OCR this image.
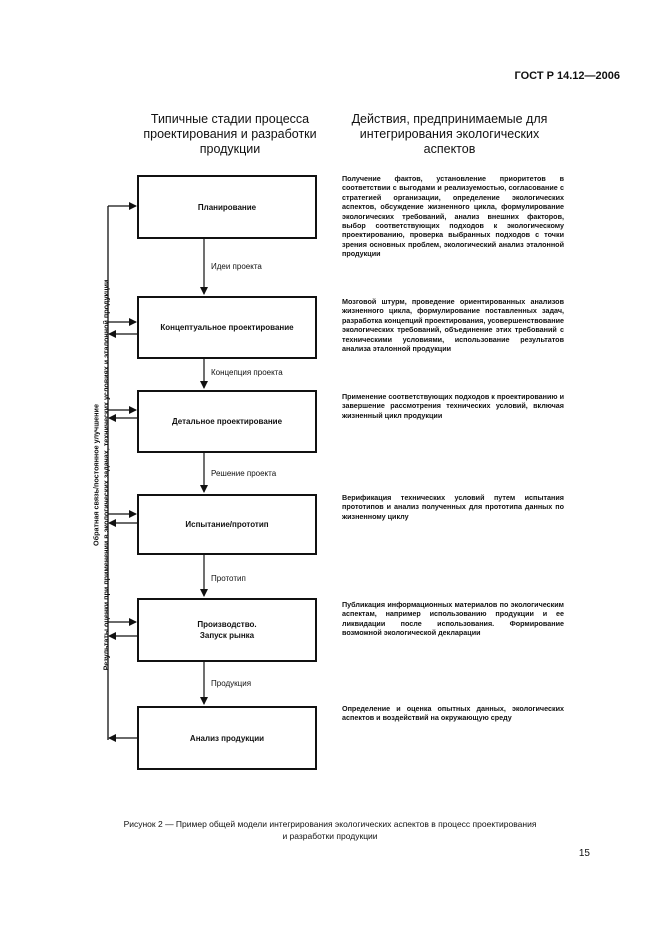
ГОСТ Р 14.12—2006
Типичные стадии процесса проектирования и разработки продукции
Действия, предпринимаемые для интегрирования экологических аспектов
Планирование
Концептуальное проектирование
Детальное проектирование
Испытание/прототип
Производство. Запуск рынка
Анализ продукции
Идеи проекта
Концепция проекта
Решение проекта
Прототип
Продукция
Получение фактов, установление приоритетов в соответствии с выгодами и реализуемостью, согласование с стратегией организации, определение экологических аспектов, обсуждение жизненного цикла, формулирование экологических требований, анализ внешних факторов, выбор соответствующих подходов к экологическому проектированию, проверка выбранных подходов с точки зрения основных проблем, экологический анализ эталонной продукции
Мозговой штурм, проведение ориентированных анализов жизненного цикла, формулирование поставленных задач, разработка концепций проектирования, усовершенствование экологических требований, объединение этих требований с техническими условиями, использование результатов анализа эталонной продукции
Применение соответствующих подходов к проектированию и завершение рассмотрения технических условий, включая жизненный цикл продукции
Верификация технических условий путем испытания прототипов и анализ полученных для прототипа данных по жизненному циклу
Публикация информационных материалов по экологическим аспектам, например использованию продукции и ее ликвидации после использования. Формирование возможной экологической декларации
Определение и оценка опытных данных, экологических аспектов и воздействий на окружающую среду
Обратная связь/постоянное улучшение Результаты оценки при применении в экологических задачах, технических условиях и эталонной продукции
Рисунок 2 — Пример общей модели интегрирования экологических аспектов в процесс проектирования
и разработки продукции
15
